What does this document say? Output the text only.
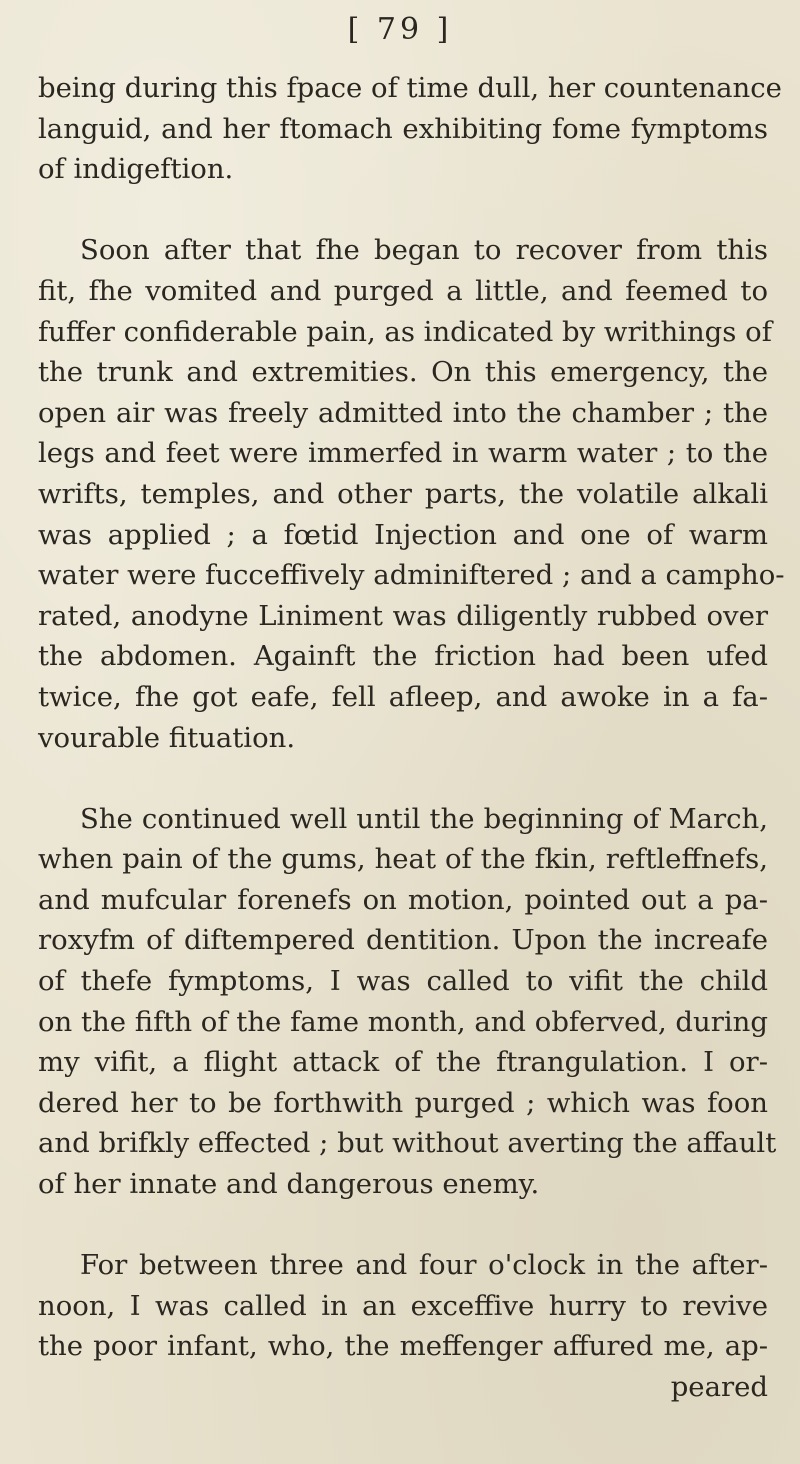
[ 79 ]
being during this fpace of time dull, her countenance
languid, and her ftomach exhibiting fome fymptoms
of indigeftion.
Soon after that fhe began to recover from this
fit, fhe vomited and purged a little, and feemed to
fuffer confiderable pain, as indicated by writhings of
the trunk and extremities. On this emergency, the
open air was freely admitted into the chamber ; the
legs and feet were immerfed in warm water ; to the
wrifts, temples, and other parts, the volatile alkali
was applied ; a fœtid Injection and one of warm
water were fucceffively adminiftered ; and a campho-
rated, anodyne Liniment was diligently rubbed over
the abdomen. Againft the friction had been ufed
twice, fhe got eafe, fell afleep, and awoke in a fa-
vourable fituation.
She continued well until the beginning of March,
when pain of the gums, heat of the fkin, reftleffnefs,
and mufcular forenefs on motion, pointed out a pa-
roxyfm of diftempered dentition. Upon the increafe
of thefe fymptoms, I was called to vifit the child
on the fifth of the fame month, and obferved, during
my vifit, a flight attack of the ftrangulation. I or-
dered her to be forthwith purged ; which was foon
and brifkly effected ; but without averting the affault
of her innate and dangerous enemy.
For between three and four o'clock in the after-
noon, I was called in an exceffive hurry to revive
the poor infant, who, the meffenger affured me, ap-
peared
